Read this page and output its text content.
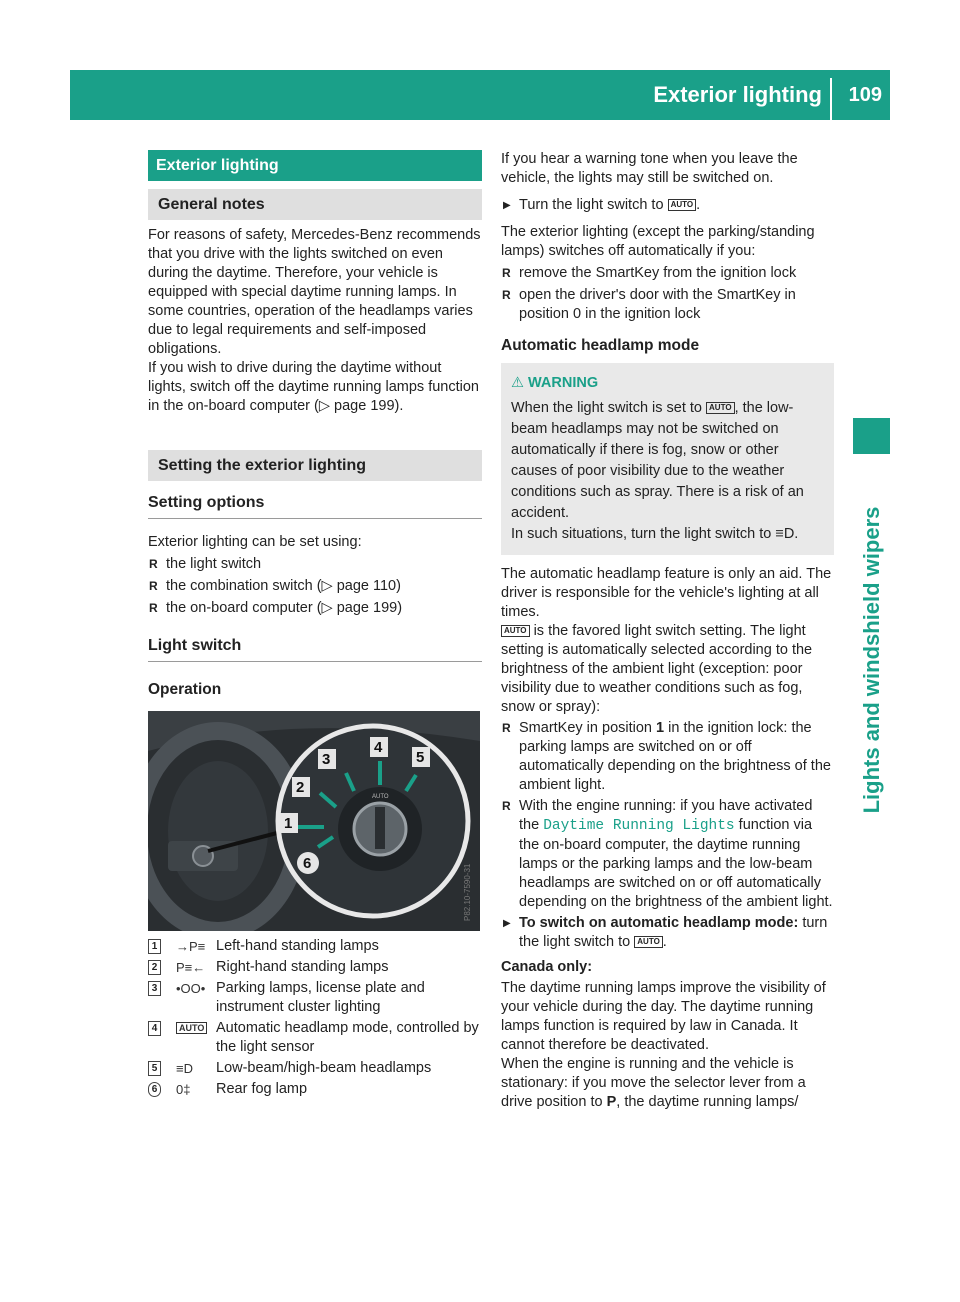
Exterior lighting 109
Lights and windshield wipers
Exterior lighting
General notes

For reasons of safety, Mercedes-Benz recommends that you drive with the lights switched on even during the daytime. Therefore, your vehicle is equipped with special daytime running lamps. In some countries, operation of the headlamps varies due to legal requirements and self-imposed obligations.

If you wish to drive during the daytime without lights, switch off the daytime running lamps function in the on-board computer (▷ page 199).

Setting the exterior lighting
Setting options

Exterior lighting can be set using:

R the light switch
R the combination switch (▷ page 110)
R the on-board computer (▷ page 199)
Light switch
Operation
1
2
3
4
5
6
AUTO
P82.10-7590-31
1 →P≡ Left-hand standing lamps
2 P≡← Right-hand standing lamps
3 •OO• Parking lamps, license plate and instrument cluster lighting
4	AUTO Automatic headlamp mode, controlled by the light sensor
5 ≡D Low-beam/high-beam headlamps
6 0‡ Rear fog lamp

If you hear a warning tone when you leave the vehicle, the lights may still be switched on.

▶ Turn the light switch to AUTO .

The exterior lighting (except the parking/standing lamps) switches off automatically if you:

R remove the SmartKey from the ignition lock
R open the driver's door with the SmartKey in position 0 in the ignition lock
Automatic headlamp mode
⚠ WARNING

When the light switch is set to AUTO , the low-beam headlamps may not be switched on automatically if there is fog, snow or other causes of poor visibility due to the weather conditions such as spray. There is a risk of an accident.

In such situations, turn the light switch to ≡D.

The automatic headlamp feature is only an aid. The driver is responsible for the vehicle's lighting at all times.

AUTO is the favored light switch setting. The light setting is automatically selected according to the brightness of the ambient light (exception: poor visibility due to weather conditions such as fog, snow or spray):

R SmartKey in position 1 in the ignition lock: the parking lamps are switched on or off automatically depending on the brightness of the ambient light.
R With the engine running: if you have activated the Daytime Running Lights function via the on-board computer, the daytime running lamps or the parking lamps and the low-beam headlamps are switched on or off automatically depending on the brightness of the ambient light.
▶ To switch on automatic headlamp mode: turn the light switch to AUTO .
Canada only:

The daytime running lamps improve the visibility of your vehicle during the day. The daytime running lamps function is required by law in Canada. It cannot therefore be deactivated.

When the engine is running and the vehicle is stationary: if you move the selector lever from a drive position to P, the daytime running lamps/
